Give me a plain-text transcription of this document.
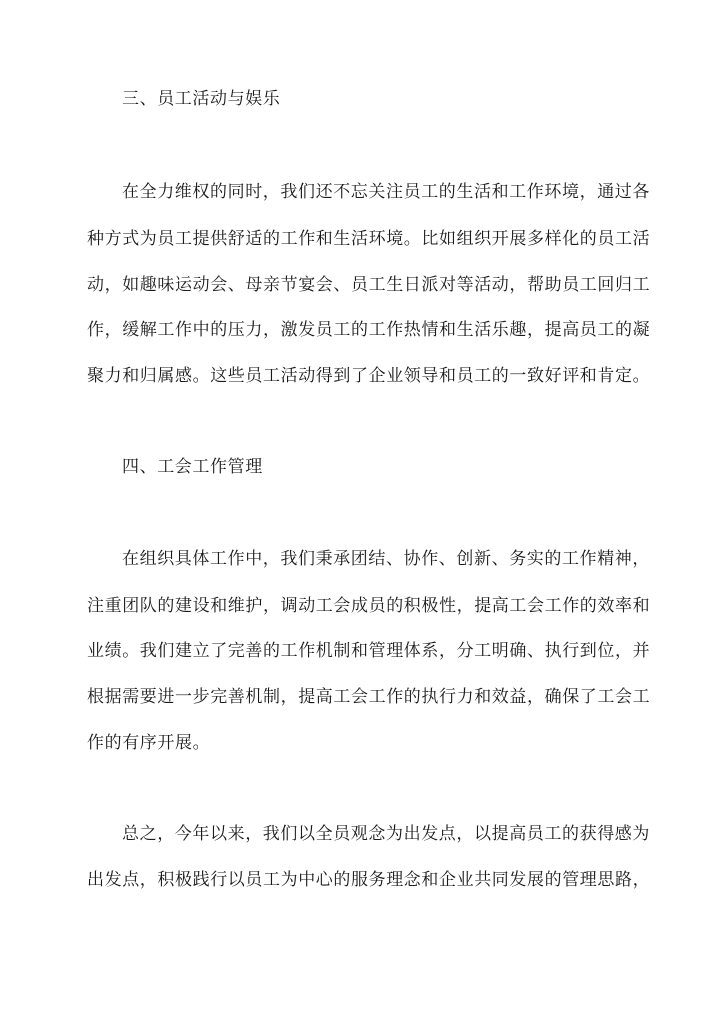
三、员工活动与娱乐
在全力维权的同时，我们还不忘关注员工的生活和工作环境，通过各
种方式为员工提供舒适的工作和生活环境。比如组织开展多样化的员工活
动，如趣味运动会、母亲节宴会、员工生日派对等活动，帮助员工回归工
作，缓解工作中的压力，激发员工的工作热情和生活乐趣，提高员工的凝
聚力和归属感。这些员工活动得到了企业领导和员工的一致好评和肯定。
四、工会工作管理
在组织具体工作中，我们秉承团结、协作、创新、务实的工作精神，
注重团队的建设和维护，调动工会成员的积极性，提高工会工作的效率和
业绩。我们建立了完善的工作机制和管理体系，分工明确、执行到位，并
根据需要进一步完善机制，提高工会工作的执行力和效益，确保了工会工
作的有序开展。
总之，今年以来，我们以全员观念为出发点，以提高员工的获得感为
出发点，积极践行以员工为中心的服务理念和企业共同发展的管理思路，
